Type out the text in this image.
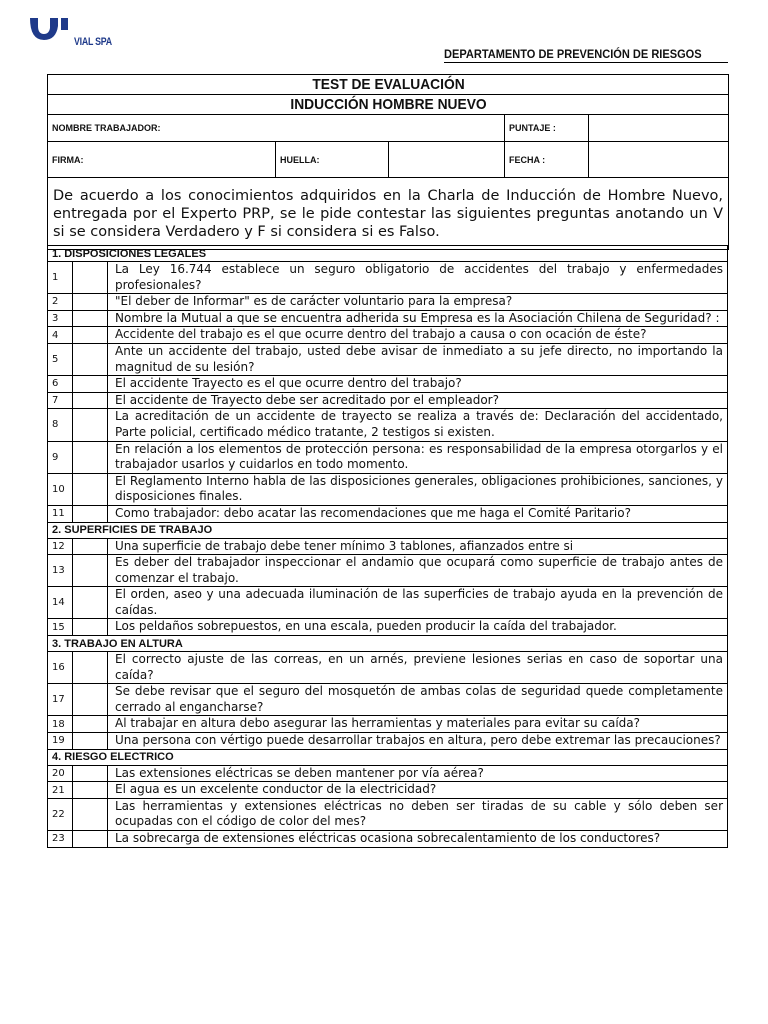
VIAL SPA
DEPARTAMENTO DE PREVENCIÓN DE RIESGOS
TEST DE EVALUACIÓN				
INDUCCIÓN HOMBRE NUEVO				
NOMBRE TRABAJADOR:			PUNTAJE :	
FIRMA:	HUELLA:		FECHA :	
De acuerdo a los conocimientos adquiridos en la Charla de Inducción de Hombre Nuevo, entregada por el Experto PRP, se le pide contestar las siguientes preguntas anotando un V si se considera Verdadero y F si considera si es Falso.				
1. DISPOSICIONES LEGALES		
1		La Ley 16.744 establece un seguro obligatorio de accidentes del trabajo y enfermedades profesionales?
2		"El deber de Informar" es de carácter voluntario para la empresa?
3		Nombre la Mutual a que se encuentra adherida su Empresa es la Asociación Chilena de Seguridad? :
4		Accidente del trabajo es el que ocurre dentro del trabajo a causa o con ocación de éste?
5		Ante un accidente del trabajo, usted debe avisar de inmediato a su jefe directo, no importando la magnitud de su lesión?
6		El accidente Trayecto es el que ocurre dentro del trabajo?
7		El accidente de Trayecto debe ser acreditado por el empleador?
8		La acreditación de un accidente de trayecto se realiza a través de: Declaración del accidentado, Parte policial, certificado médico tratante, 2 testigos si existen.
9		En relación a los elementos de protección persona: es responsabilidad de la empresa otorgarlos y el trabajador usarlos y cuidarlos en todo momento.
10		El Reglamento Interno habla de las disposiciones generales, obligaciones prohibiciones, sanciones, y disposiciones finales.
11		Como trabajador: debo acatar las recomendaciones que me haga el Comité Paritario?
2. SUPERFICIES DE TRABAJO		
12		Una superficie de trabajo debe tener mínimo 3 tablones, afianzados entre si
13		Es deber del trabajador inspeccionar el andamio que ocupará como superficie de trabajo antes de comenzar el trabajo.
14		El orden, aseo y una adecuada iluminación de las superficies de trabajo ayuda en la prevención de caídas.
15		Los peldaños sobrepuestos, en una escala, pueden producir la caída del trabajador.
3. TRABAJO EN ALTURA		
16		El correcto ajuste de las correas, en un arnés, previene lesiones serias en caso de soportar una caída?
17		Se debe revisar que el seguro del mosquetón de ambas colas de seguridad quede completamente cerrado al engancharse?
18		Al trabajar en altura debo asegurar las herramientas y materiales para evitar su caída?
19		Una persona con vértigo puede desarrollar trabajos en altura, pero debe extremar las precauciones?
4. RIESGO ELECTRICO		
20		Las extensiones eléctricas se deben mantener por vía aérea?
21		El agua es un excelente conductor de la electricidad?
22		Las herramientas y extensiones eléctricas no deben ser tiradas de su cable y sólo deben ser ocupadas con el código de color del mes?
23		La sobrecarga de extensiones eléctricas ocasiona sobrecalentamiento de los conductores?
